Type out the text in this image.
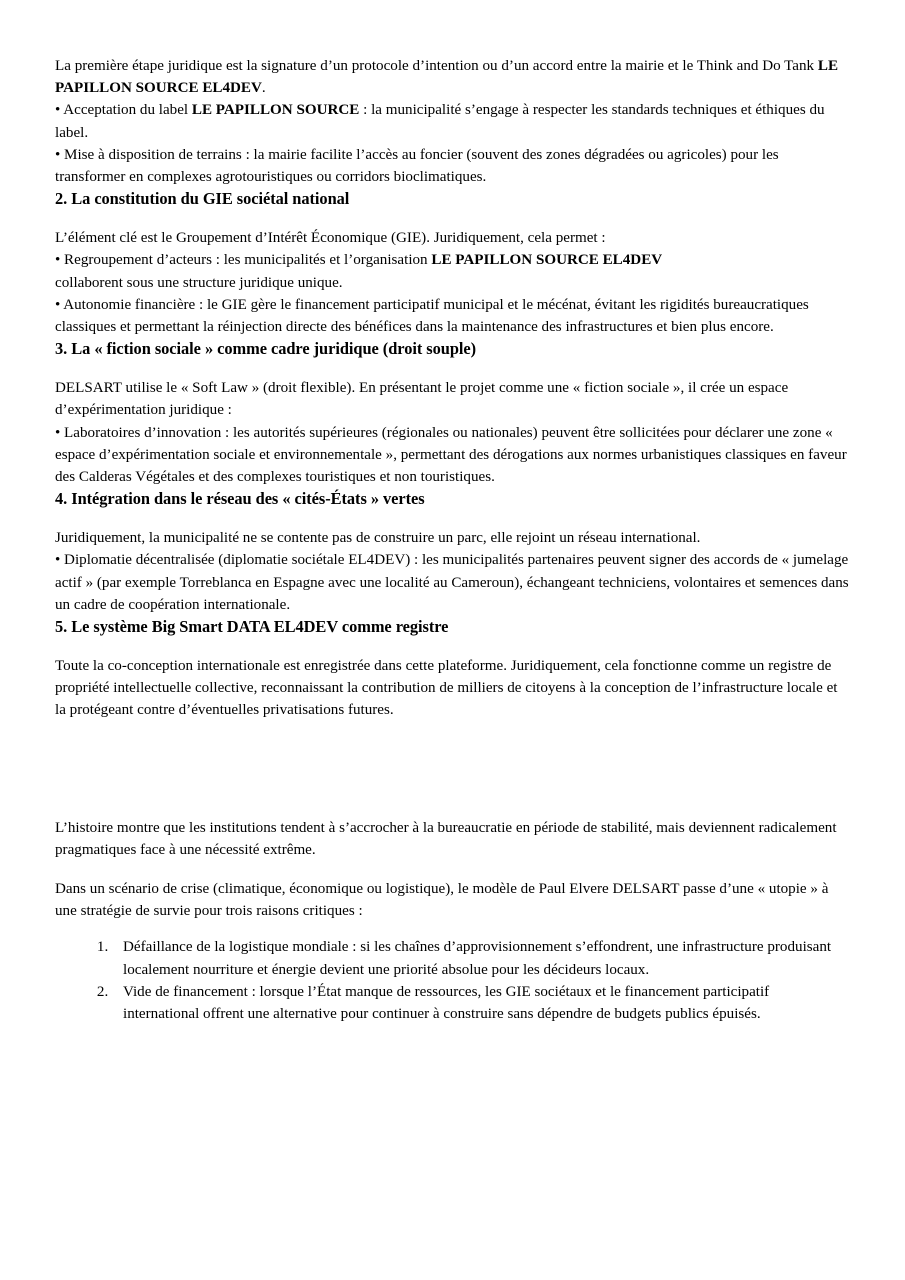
La première étape juridique est la signature d’un protocole d’intention ou d’un accord entre la mairie et le Think and Do Tank LE PAPILLON SOURCE EL4DEV.

• Acceptation du label LE PAPILLON SOURCE : la municipalité s’engage à respecter les standards techniques et éthiques du label.

• Mise à disposition de terrains : la mairie facilite l’accès au foncier (souvent des zones dégradées ou agricoles) pour les transformer en complexes agrotouristiques ou corridors bioclimatiques.

2. La constitution du GIE sociétal national

L’élément clé est le Groupement d’Intérêt Économique (GIE). Juridiquement, cela permet :
• Regroupement d’acteurs : les municipalités et l’organisation LE PAPILLON SOURCE EL4DEV
collaborent sous une structure juridique unique.
• Autonomie financière : le GIE gère le financement participatif municipal et le mécénat, évitant les rigidités bureaucratiques classiques et permettant la réinjection directe des bénéfices dans la maintenance des infrastructures et bien plus encore.

3. La « fiction sociale » comme cadre juridique (droit souple)

DELSART utilise le « Soft Law » (droit flexible). En présentant le projet comme une « fiction sociale », il crée un espace d’expérimentation juridique :
• Laboratoires d’innovation : les autorités supérieures (régionales ou nationales) peuvent être sollicitées pour déclarer une zone « espace d’expérimentation sociale et environnementale », permettant des dérogations aux normes urbanistiques classiques en faveur des Calderas Végétales et des complexes touristiques et non touristiques.

4. Intégration dans le réseau des « cités-États » vertes

Juridiquement, la municipalité ne se contente pas de construire un parc, elle rejoint un réseau international.
• Diplomatie décentralisée (diplomatie sociétale EL4DEV) : les municipalités partenaires peuvent signer des accords de « jumelage actif » (par exemple Torreblanca en Espagne avec une localité au Cameroun), échangeant techniciens, volontaires et semences dans un cadre de coopération internationale.

5. Le système Big Smart DATA EL4DEV comme registre

Toute la co-conception internationale est enregistrée dans cette plateforme. Juridiquement, cela fonctionne comme un registre de propriété intellectuelle collective, reconnaissant la contribution de milliers de citoyens à la conception de l’infrastructure locale et la protégeant contre d’éventuelles privatisations futures.

L’histoire montre que les institutions tendent à s’accrocher à la bureaucratie en période de stabilité, mais deviennent radicalement pragmatiques face à une nécessité extrême.

Dans un scénario de crise (climatique, économique ou logistique), le modèle de Paul Elvere DELSART passe d’une « utopie » à une stratégie de survie pour trois raisons critiques :

1. Défaillance de la logistique mondiale : si les chaînes d’approvisionnement s’effondrent, une infrastructure produisant localement nourriture et énergie devient une priorité absolue pour les décideurs locaux.
2. Vide de financement : lorsque l’État manque de ressources, les GIE sociétaux et le financement participatif international offrent une alternative pour continuer à construire sans dépendre de budgets publics épuisés.
